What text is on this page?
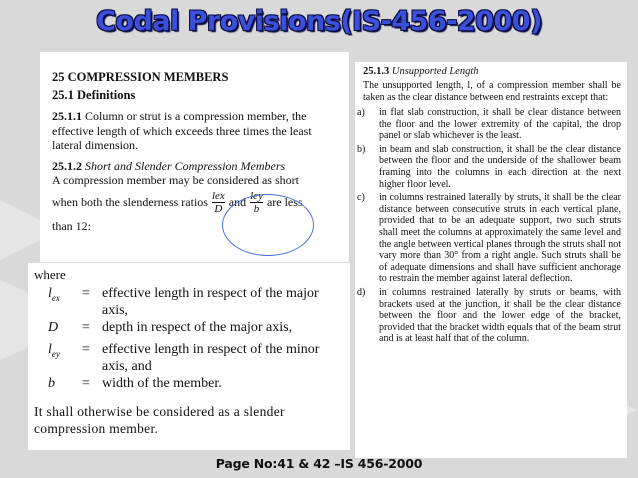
Codal Provisions(IS-456-2000)
25 COMPRESSION MEMBERS
25.1 Definitions

25.1.1 Column or strut is a compression member, the effective length of which exceeds three times the least lateral dimension.

25.1.2 Short and Slender Compression Members
A compression member may be considered as short

when both the slenderness ratios $\frac{\text{lex}}{D}$ and $\frac{\text{ley}}{b}$ are less
than 12:
where
$l_{ex}$	= effective length in respect of the major axis,
D	= depth in respect of the major axis,
$l_{ey}$	= effective length in respect of the minor axis, and
b	= width of the member.

It shall otherwise be considered as a slender compression member.

25.1.3 Unsupported Length

The unsupported length, l, of a compression member shall be taken as the clear distance between end restraints except that:

a)	in flat slab construction, it shall be clear distance between the floor and the lower extremity of the capital, the drop panel or slab whichever is the least.
b)	in beam and slab construction, it shall be the clear distance between the floor and the underside of the shallower beam framing into the columns in each direction at the next higher floor level.
c)	in columns restrained laterally by struts, it shall be the clear distance between consecutive struts in each vertical plane, provided that to be an adequate support, two such struts shall meet the columns at approximately the same level and the angle between vertical planes through the struts shall not vary more than 30° from a right angle. Such struts shall be of adequate dimensions and shall have sufficient anchorage to restrain the member against lateral deflection.
d)	in columns restrained laterally by struts or beams, with brackets used at the junction, it shall be the clear distance between the floor and the lower edge of the bracket, provided that the bracket width equals that of the beam strut and is at least half that of the column.
Page No:41 & 42 –IS 456-2000
